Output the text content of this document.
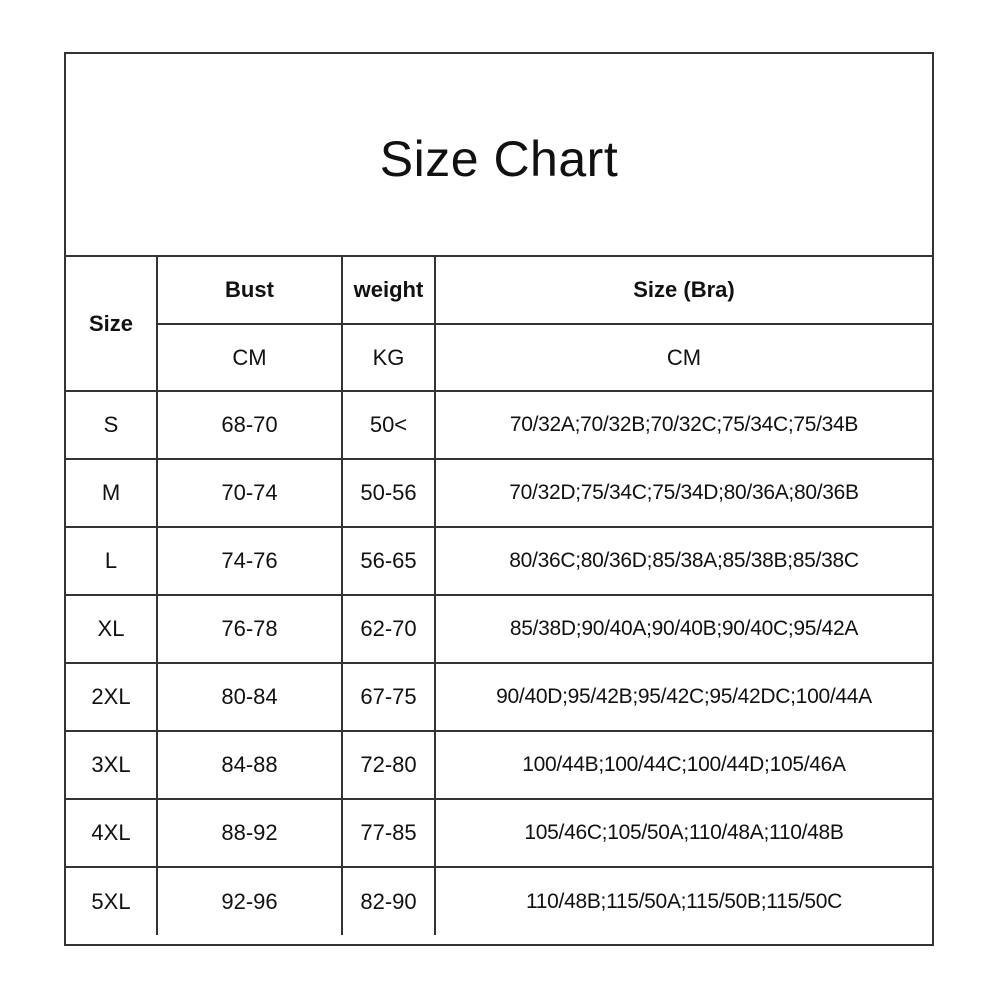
Size Chart
Size	Bust	weight	Size (Bra)
	CM	KG	CM
S	68-70	50<	70/32A;70/32B;70/32C;75/34C;75/34B
M	70-74	50-56	70/32D;75/34C;75/34D;80/36A;80/36B
L	74-76	56-65	80/36C;80/36D;85/38A;85/38B;85/38C
XL	76-78	62-70	85/38D;90/40A;90/40B;90/40C;95/42A
2XL	80-84	67-75	90/40D;95/42B;95/42C;95/42DC;100/44A
3XL	84-88	72-80	100/44B;100/44C;100/44D;105/46A
4XL	88-92	77-85	105/46C;105/50A;110/48A;110/48B
5XL	92-96	82-90	110/48B;115/50A;115/50B;115/50C
